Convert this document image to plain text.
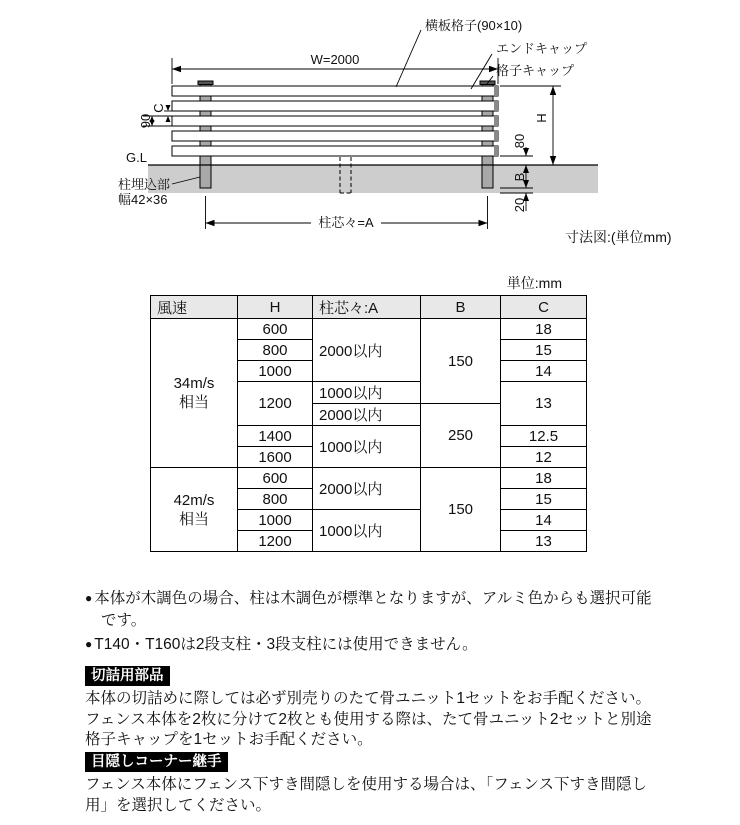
横板格子(90×10)
エンドキャップ
格子キャップ
W=2000
H
80
B
20
90
C
G.L
柱埋込部
幅42×36
柱芯々=A
寸法図:(単位mm)
単位:mm
風速	H	柱芯々:A	B	C

34m/s
相当	600	2000以内	150	18
	800			15
	1000			14
	1200	1000以内		13
		2000以内	250	
	1400	1000以内		12.5
	1600			12

42m/s
相当	600	2000以内	150	18
	800			15
	1000	1000以内		14
	1200			13

● 本体が木調色の場合、柱は木調色が標準となりますが、アルミ色からも選択可能です。

● T140・T160は2段支柱・3段支柱には使用できません。

切詰用部品

本体の切詰めに際しては必ず別売りのたて骨ユニット1セットをお手配ください。フェンス本体を2枚に分けて2枚とも使用する際は、たて骨ユニット2セットと別途格子キャップを1セットお手配ください。

目隠しコーナー継手

フェンス本体にフェンス下すき間隠しを使用する場合は、「フェンス下すき間隠し用」を選択してください。
